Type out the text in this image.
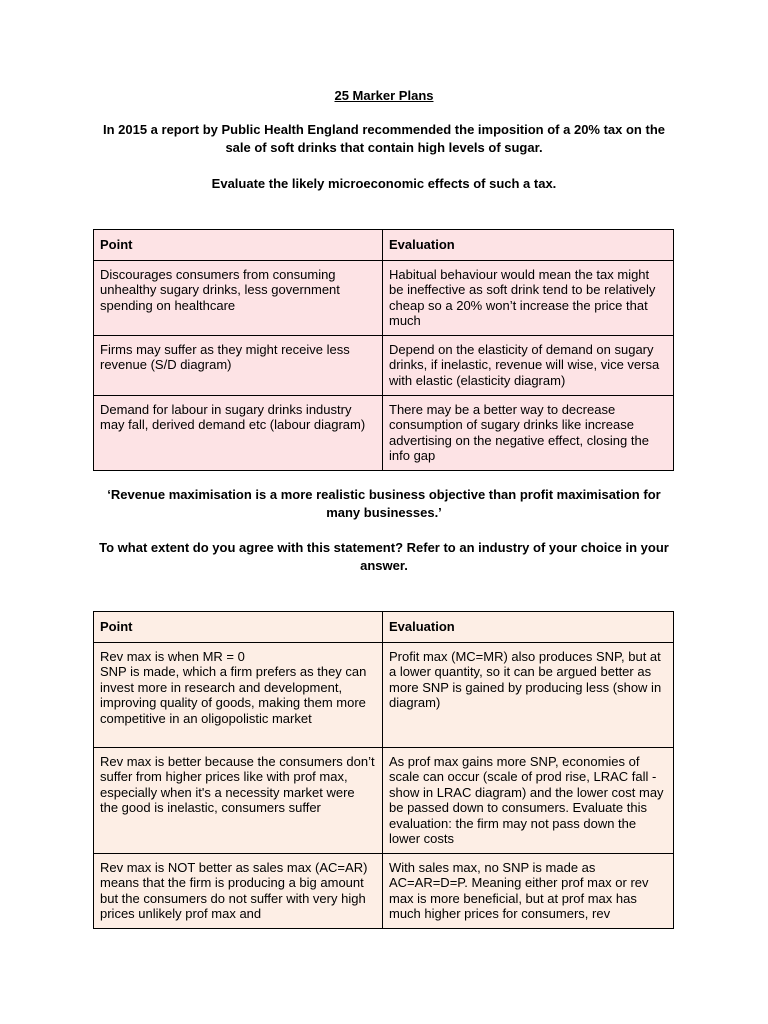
25 Marker Plans
In 2015 a report by Public Health England recommended the imposition of a 20% tax on the sale of soft drinks that contain high levels of sugar.
Evaluate the likely microeconomic effects of such a tax.
Point	Evaluation
Discourages consumers from consuming unhealthy sugary drinks, less government spending on healthcare	Habitual behaviour would mean the tax might be ineffective as soft drink tend to be relatively cheap so a 20% won’t increase the price that much
Firms may suffer as they might receive less revenue (S/D diagram)	Depend on the elasticity of demand on sugary drinks, if inelastic, revenue will wise, vice versa with elastic (elasticity diagram)
Demand for labour in sugary drinks industry may fall, derived demand etc (labour diagram)	There may be a better way to decrease consumption of sugary drinks like increase advertising on the negative effect, closing the info gap
‘Revenue maximisation is a more realistic business objective than profit maximisation for many businesses.’
To what extent do you agree with this statement? Refer to an industry of your choice in your answer.
Point	Evaluation
Rev max is when MR = 0
SNP is made, which a firm prefers as they can invest more in research and development, improving quality of goods, making them more competitive in an oligopolistic market	Profit max (MC=MR) also produces SNP, but at a lower quantity, so it can be argued better as more SNP is gained by producing less (show in diagram)
Rev max is better because the consumers don’t suffer from higher prices like with prof max, especially when it's a necessity market were the good is inelastic, consumers suffer	As prof max gains more SNP, economies of scale can occur (scale of prod rise, LRAC fall - show in LRAC diagram) and the lower cost may be passed down to consumers. Evaluate this evaluation: the firm may not pass down the lower costs
Rev max is NOT better as sales max (AC=AR) means that the firm is producing a big amount but the consumers do not suffer with very high prices unlikely prof max and	With sales max, no SNP is made as AC=AR=D=P. Meaning either prof max or rev max is more beneficial, but at prof max has much higher prices for consumers, rev
